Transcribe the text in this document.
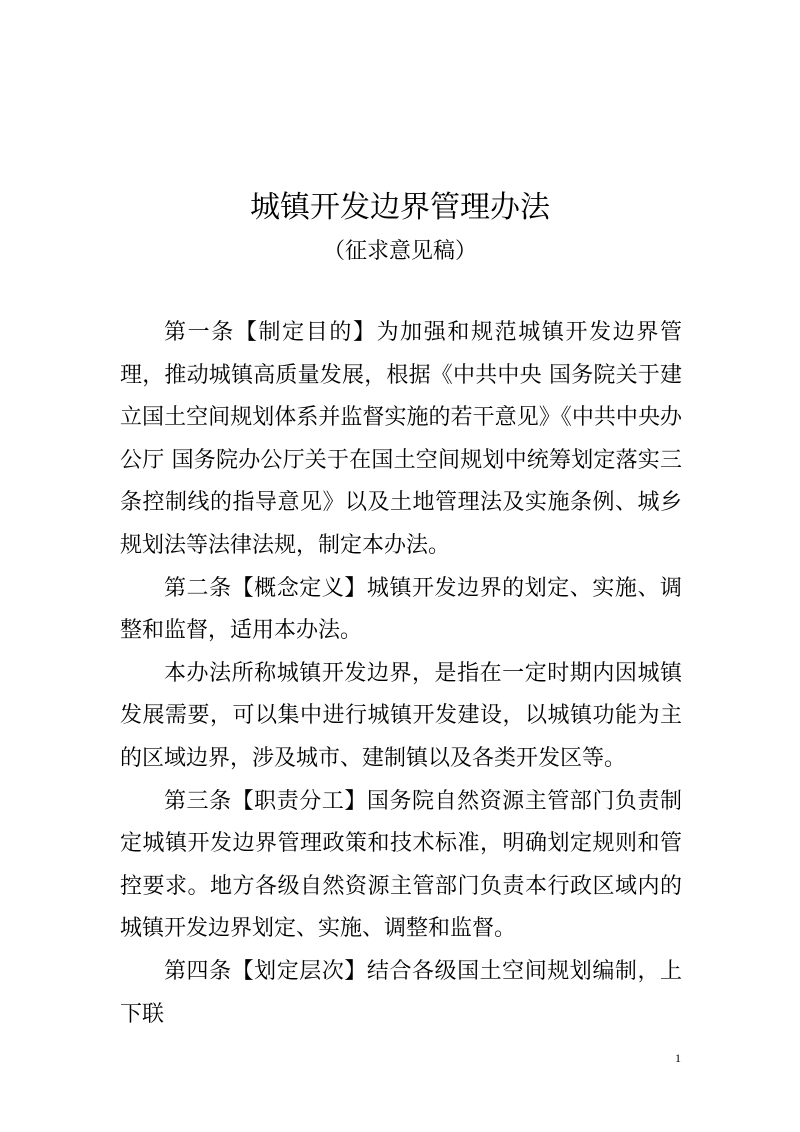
城镇开发边界管理办法
（征求意见稿）

第一条【制定目的】为加强和规范城镇开发边界管理，推动城镇高质量发展，根据《中共中央 国务院关于建立国土空间规划体系并监督实施的若干意见》《中共中央办公厅 国务院办公厅关于在国土空间规划中统筹划定落实三条控制线的指导意见》以及土地管理法及实施条例、城乡规划法等法律法规，制定本办法。

第二条【概念定义】城镇开发边界的划定、实施、调整和监督，适用本办法。

本办法所称城镇开发边界，是指在一定时期内因城镇发展需要，可以集中进行城镇开发建设，以城镇功能为主的区域边界，涉及城市、建制镇以及各类开发区等。

第三条【职责分工】国务院自然资源主管部门负责制定城镇开发边界管理政策和技术标准，明确划定规则和管控要求。地方各级自然资源主管部门负责本行政区域内的城镇开发边界划定、实施、调整和监督。

第四条【划定层次】结合各级国土空间规划编制，上下联

1
